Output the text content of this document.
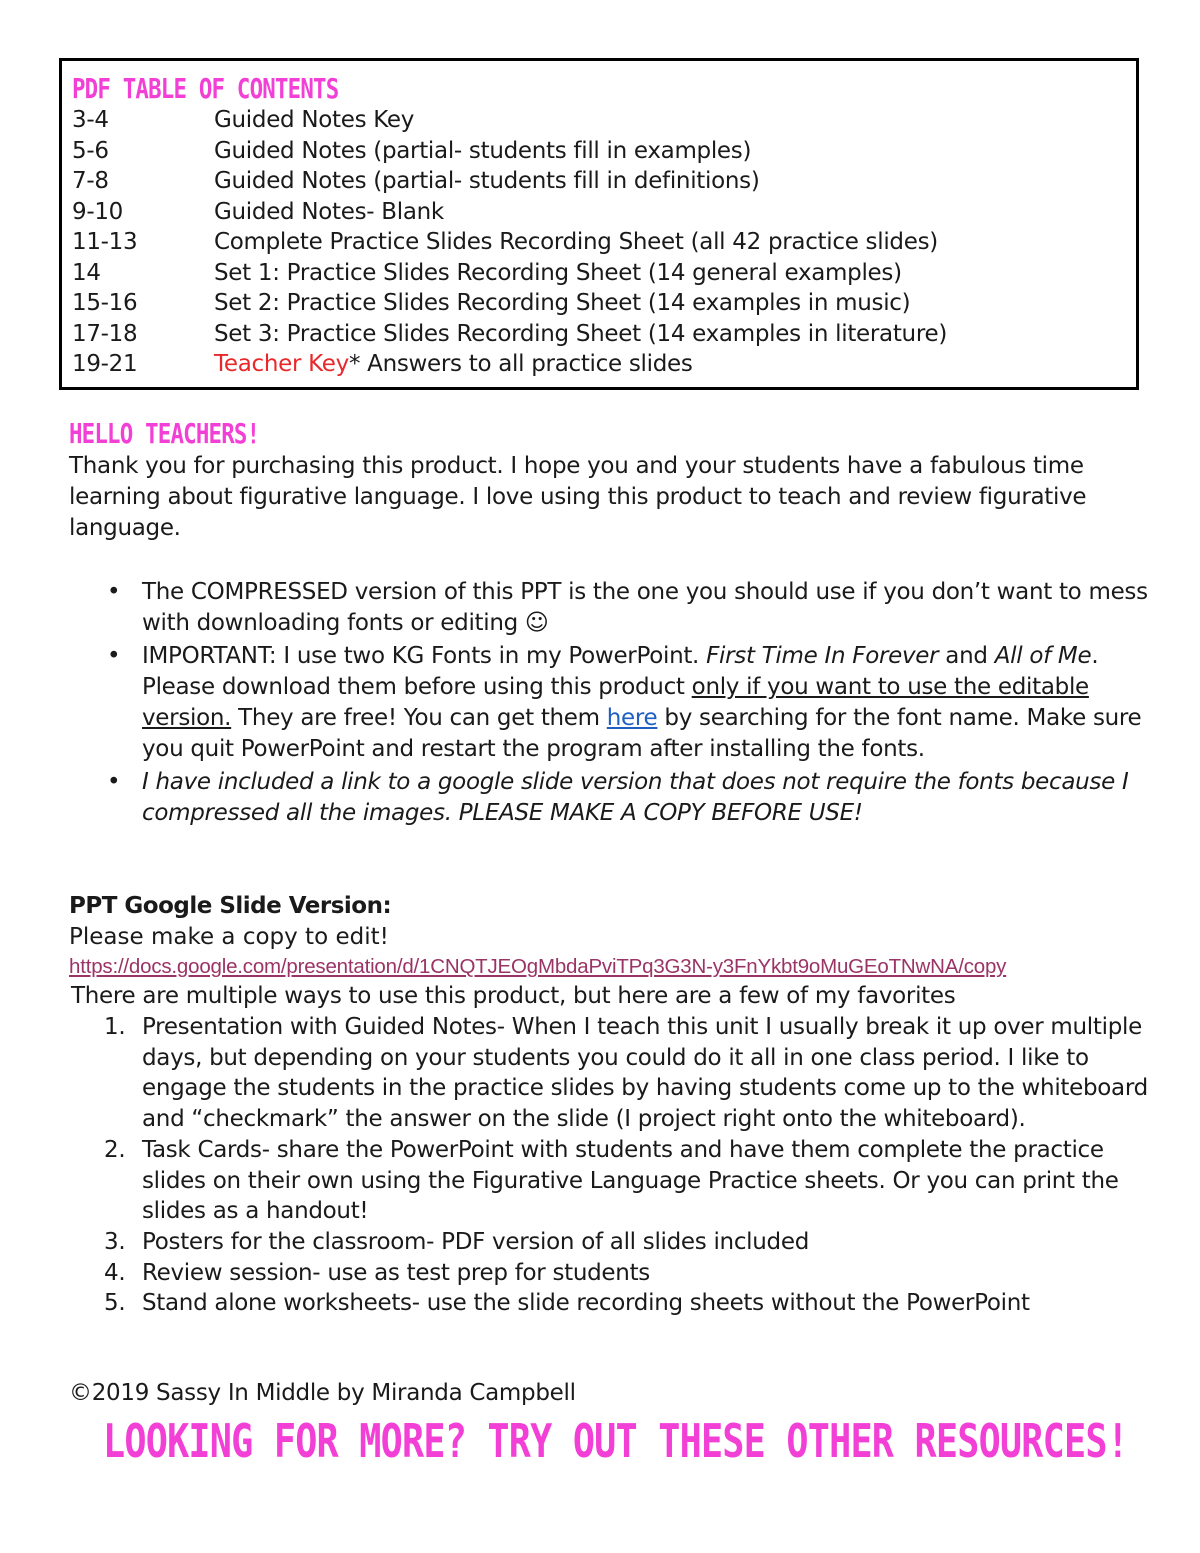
PDF TABLE OF CONTENTS
3-4	Guided Notes Key
5-6	Guided Notes (partial- students fill in examples)
7-8	Guided Notes (partial- students fill in definitions)
9-10	Guided Notes- Blank
11-13	Complete Practice Slides Recording Sheet (all 42 practice slides)
14	Set 1: Practice Slides Recording Sheet (14 general examples)
15-16	Set 2: Practice Slides Recording Sheet (14 examples in music)
17-18	Set 3: Practice Slides Recording Sheet (14 examples in literature)
19-21	Teacher Key* Answers to all practice slides
HELLO TEACHERS!
Thank you for purchasing this product. I hope you and your students have a fabulous time learning about figurative language. I love using this product to teach and review figurative language.
• The COMPRESSED version of this PPT is the one you should use if you don’t want to mess with downloading fonts or editing ☺
• IMPORTANT: I use two KG Fonts in my PowerPoint. First Time In Forever and All of Me. Please download them before using this product only if you want to use the editable version. They are free! You can get them here by searching for the font name. Make sure you quit PowerPoint and restart the program after installing the fonts.
• I have included a link to a google slide version that does not require the fonts because I compressed all the images. PLEASE MAKE A COPY BEFORE USE!
PPT Google Slide Version:
Please make a copy to edit!
https://docs.google.com/presentation/d/1CNQTJEOgMbdaPviTPq3G3N-y3FnYkbt9oMuGEoTNwNA/copy
There are multiple ways to use this product, but here are a few of my favorites
1. Presentation with Guided Notes- When I teach this unit I usually break it up over multiple days, but depending on your students you could do it all in one class period. I like to engage the students in the practice slides by having students come up to the whiteboard and “checkmark” the answer on the slide (I project right onto the whiteboard).
2. Task Cards- share the PowerPoint with students and have them complete the practice slides on their own using the Figurative Language Practice sheets. Or you can print the slides as a handout!
3. Posters for the classroom- PDF version of all slides included
4. Review session- use as test prep for students
5. Stand alone worksheets- use the slide recording sheets without the PowerPoint
©2019 Sassy In Middle by Miranda Campbell
LOOKING FOR MORE? TRY OUT THESE OTHER RESOURCES!
